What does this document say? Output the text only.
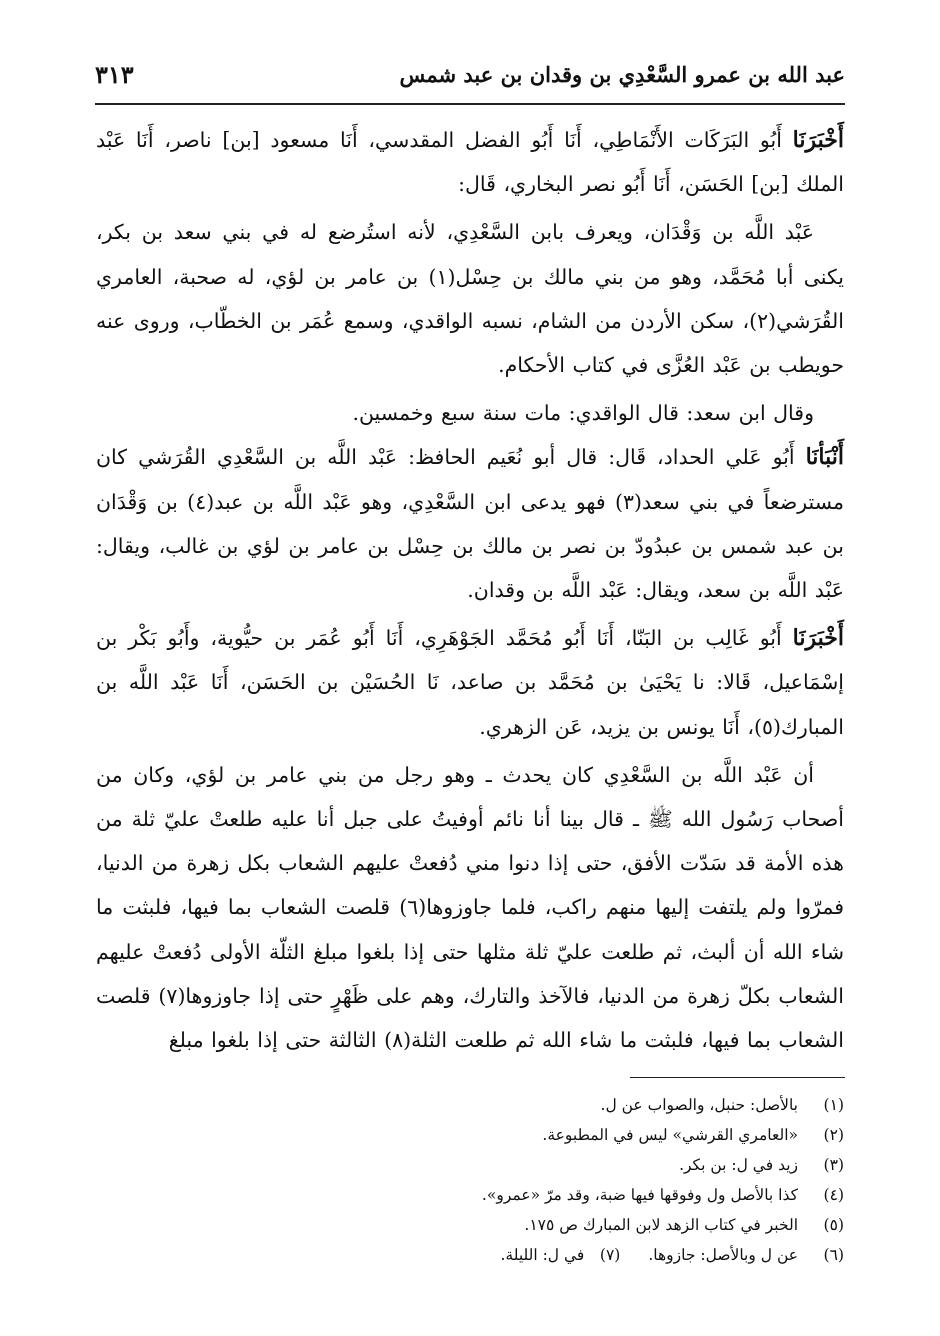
عبد الله بن عمرو السَّعْدِي بن وقدان بن عبد شمس
٣١٣

أَخْبَرَنَا أَبُو البَرَكَات الأَنْمَاطِي، أَنَا أَبُو الفضل المقدسي، أَنَا مسعود [بن] ناصر، أَنَا عَبْد الملك [بن] الحَسَن، أَنَا أَبُو نصر البخاري، قَال:

عَبْد اللَّه بن وَقْدَان، ويعرف بابن السَّعْدِي، لأنه استُرضع له في بني سعد بن بكر، يكنى أبا مُحَمَّد، وهو من بني مالك بن حِسْل(١) بن عامر بن لؤي، له صحبة، العامري القُرَشي(٢)، سكن الأردن من الشام، نسبه الواقدي، وسمع عُمَر بن الخطّاب، وروى عنه حويطب بن عَبْد العُزَّى في كتاب الأحكام.

وقال ابن سعد: قال الواقدي: مات سنة سبع وخمسين.

أَنْبَأنَا أَبُو عَلي الحداد، قَال: قال أبو نُعَيم الحافظ: عَبْد اللَّه بن السَّعْدِي القُرَشي كان مسترضعاً في بني سعد(٣) فهو يدعى ابن السَّعْدِي، وهو عَبْد اللَّه بن عبد(٤) بن وَقْدَان بن عبد شمس بن عبدُودّ بن نصر بن مالك بن حِسْل بن عامر بن لؤي بن غالب، ويقال: عَبْد اللَّه بن سعد، ويقال: عَبْد اللَّه بن وقدان.

أَخْبَرَنَا أَبُو غَالِب بن البَنّا، أَنَا أَبُو مُحَمَّد الجَوْهَرِي، أَنَا أَبُو عُمَر بن حيُّوية، وأَبُو بَكْر بن إسْمَاعيل، قَالا: نا يَحْيَىٰ بن مُحَمَّد بن صاعد، نَا الحُسَيْن بن الحَسَن، أَنَا عَبْد اللَّه بن المبارك(٥)، أَنَا يونس بن يزيد، عَن الزهري.

أن عَبْد اللَّه بن السَّعْدِي كان يحدث ـ وهو رجل من بني عامر بن لؤي، وكان من أصحاب رَسُول الله ﷺ ـ قال بينا أنا نائم أوفيتُ على جبل أنا عليه طلعتْ عليّ ثلة من هذه الأمة قد سَدّت الأفق، حتى إذا دنوا مني دُفعتْ عليهم الشعاب بكل زهرة من الدنيا، فمرّوا ولم يلتفت إليها منهم راكب، فلما جاوزوها(٦) قلصت الشعاب بما فيها، فلبثت ما شاء الله أن ألبث، ثم طلعت عليّ ثلة مثلها حتى إذا بلغوا مبلغ الثلّة الأولى دُفعتْ عليهم الشعاب بكلّ زهرة من الدنيا، فالآخذ والتارك، وهم على ظَهْرٍ حتى إذا جاوزوها(٧) قلصت الشعاب بما فيها، فلبثت ما شاء الله ثم طلعت الثلة(٨) الثالثة حتى إذا بلغوا مبلغ

(١)
بالأصل: حنبل، والصواب عن ل.
(٢)
«العامري القرشي» ليس في المطبوعة.
(٣)
زيد في ل: بن بكر.
(٤)
كذا بالأصل ول وفوقها فيها ضبة، وقد مرّ «عمرو».
(٥)
الخبر في كتاب الزهد لابن المبارك ص ١٧٥.
(٦)
عن ل وبالأصل: جازوها.
(٧)
في ل: الليلة.
